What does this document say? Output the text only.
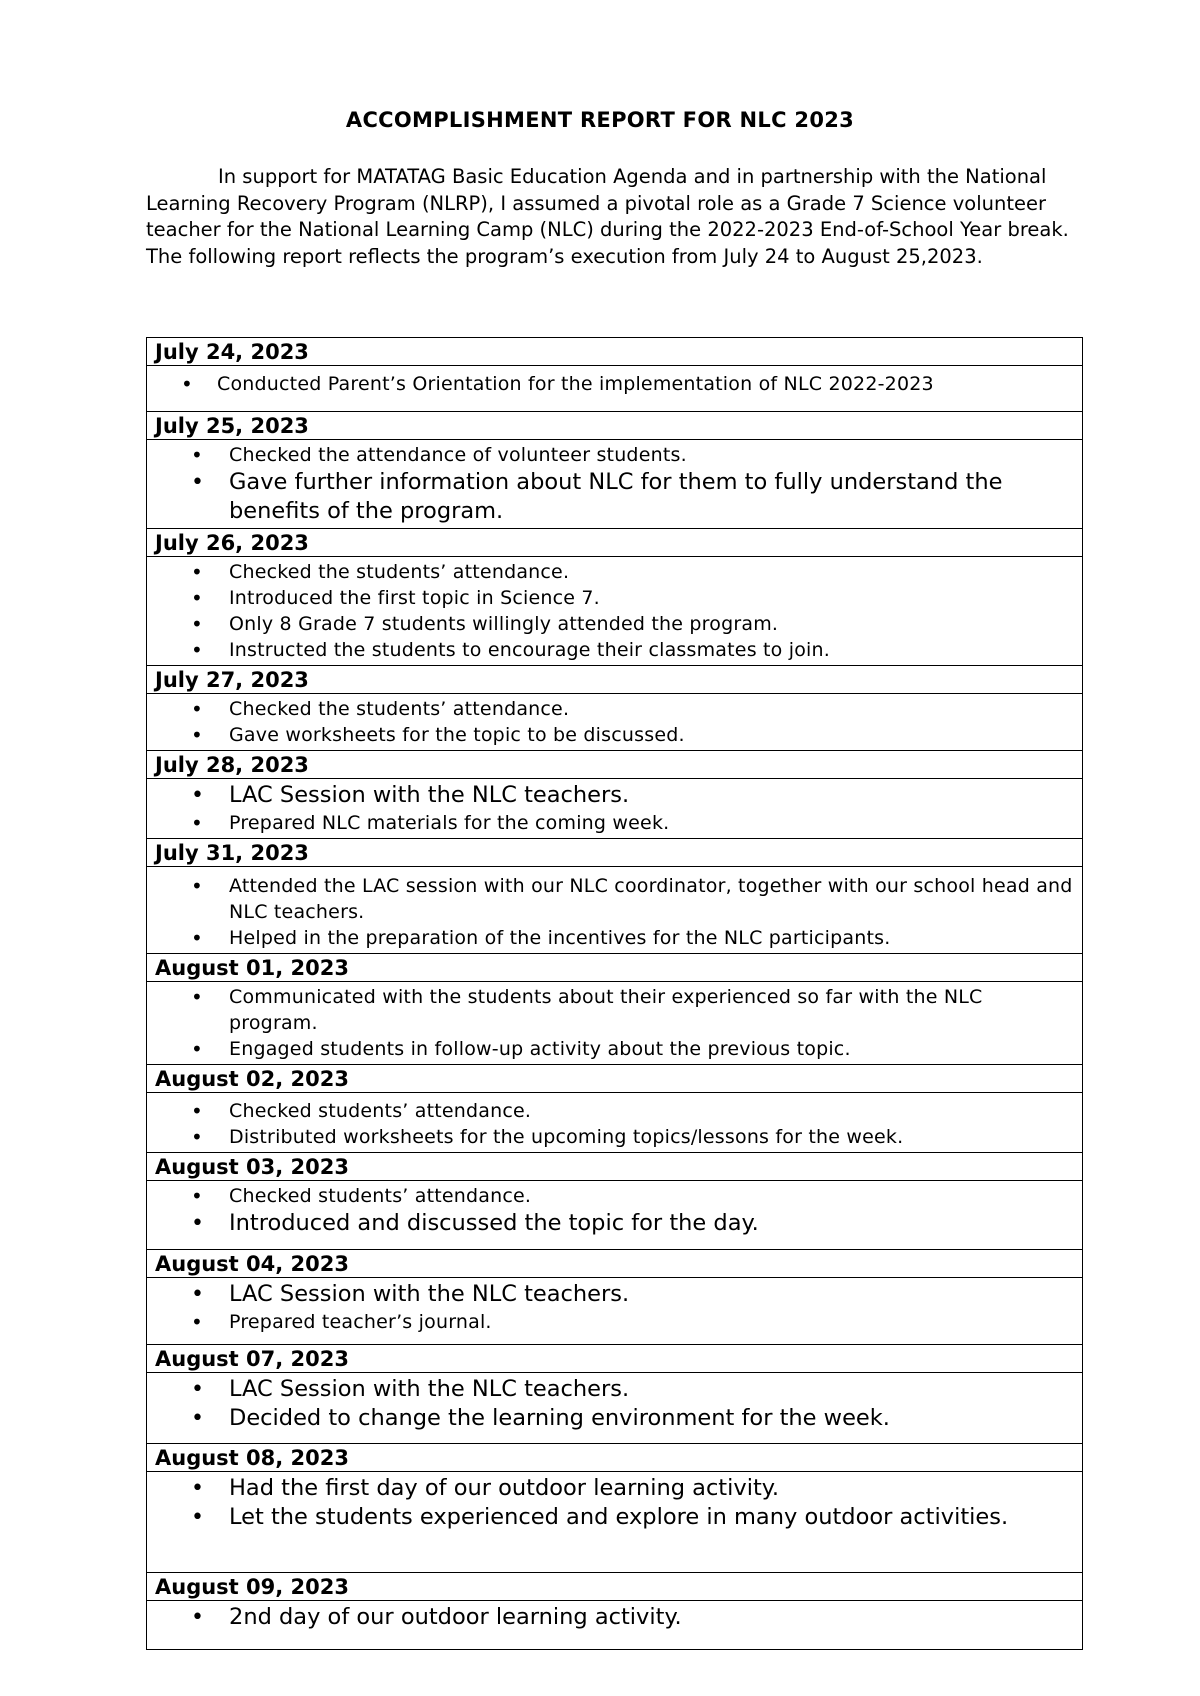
ACCOMPLISHMENT REPORT FOR NLC 2023

In support for MATATAG Basic Education Agenda and in partnership with the National Learning Recovery Program (NLRP), I assumed a pivotal role as a Grade 7 Science volunteer teacher for the National Learning Camp (NLC) during the 2022-2023 End-of-School Year break. The following report reflects the program’s execution from July 24 to August 25,2023.

July 24, 2023

• Conducted Parent’s Orientation for the implementation of NLC 2022-2023

July 25, 2023

• Checked the attendance of volunteer students.
• Gave further information about NLC for them to fully understand the benefits of the program.

July 26, 2023

• Checked the students’ attendance.
• Introduced the first topic in Science 7.
• Only 8 Grade 7 students willingly attended the program.
• Instructed the students to encourage their classmates to join.

July 27, 2023

• Checked the students’ attendance.
• Gave worksheets for the topic to be discussed.

July 28, 2023

• LAC Session with the NLC teachers.
• Prepared NLC materials for the coming week.

July 31, 2023

• Attended the LAC session with our NLC coordinator, together with our school head and NLC teachers.
• Helped in the preparation of the incentives for the NLC participants.

August 01, 2023

• Communicated with the students about their experienced so far with the NLC program.
• Engaged students in follow-up activity about the previous topic.

August 02, 2023

• Checked students’ attendance.
• Distributed worksheets for the upcoming topics/lessons for the week.

August 03, 2023

• Checked students’ attendance.
• Introduced and discussed the topic for the day.

August 04, 2023

• LAC Session with the NLC teachers.
• Prepared teacher’s journal.

August 07, 2023

• LAC Session with the NLC teachers.
• Decided to change the learning environment for the week.

August 08, 2023

• Had the first day of our outdoor learning activity.
• Let the students experienced and explore in many outdoor activities.

August 09, 2023

• 2nd day of our outdoor learning activity.
